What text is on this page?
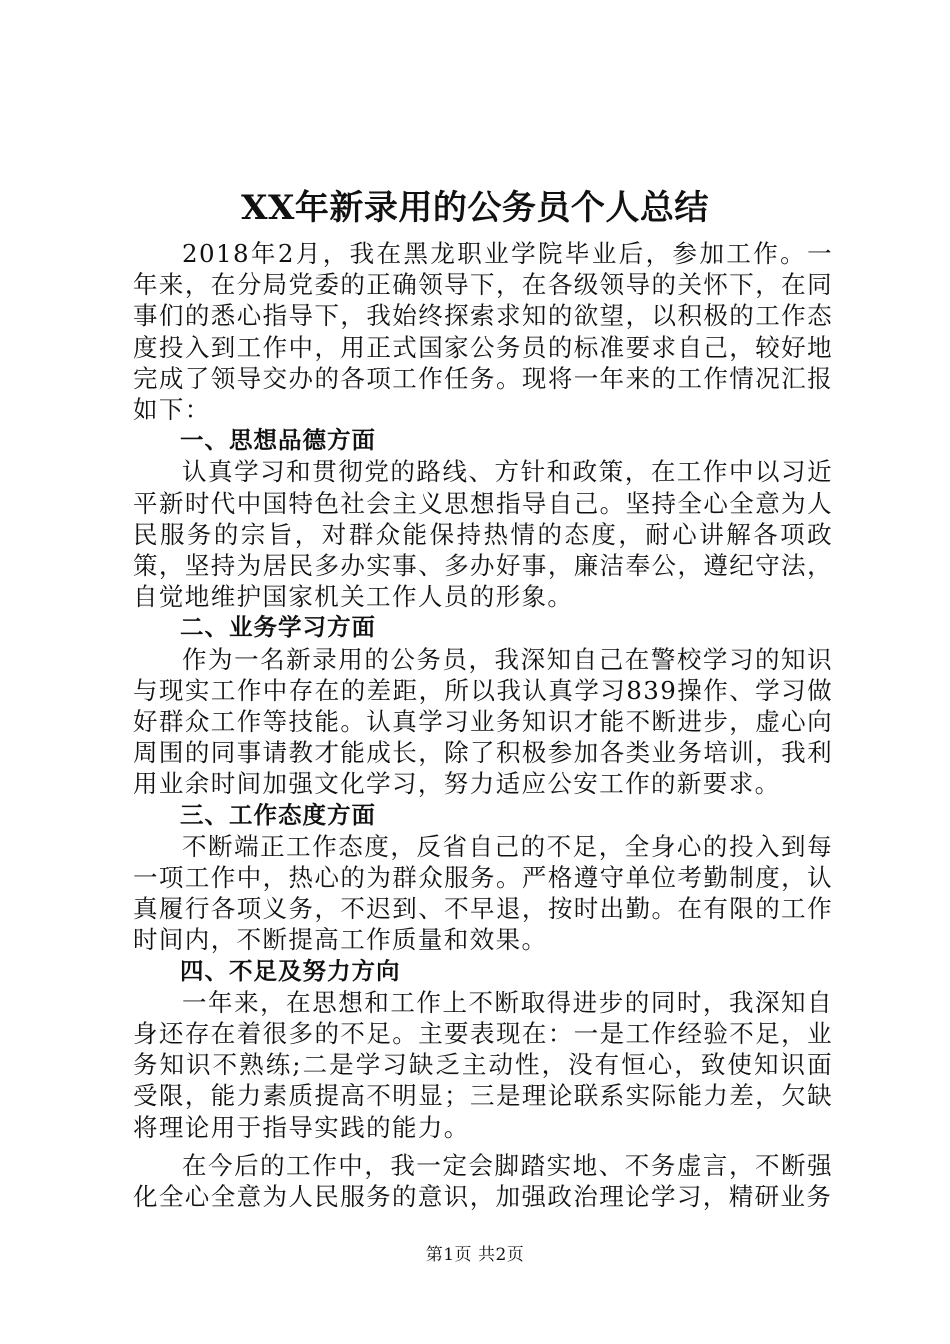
XX年新录用的公务员个人总结

2018年2月，我在黑龙职业学院毕业后，参加工作。一年来，在分局党委的正确领导下，在各级领导的关怀下，在同事们的悉心指导下，我始终探索求知的欲望，以积极的工作态度投入到工作中，用正式国家公务员的标准要求自己，较好地完成了领导交办的各项工作任务。现将一年来的工作情况汇报如下：

一、思想品德方面

认真学习和贯彻党的路线、方针和政策，在工作中以习近平新时代中国特色社会主义思想指导自己。坚持全心全意为人民服务的宗旨，对群众能保持热情的态度，耐心讲解各项政策，坚持为居民多办实事、多办好事，廉洁奉公，遵纪守法，自觉地维护国家机关工作人员的形象。

二、业务学习方面

作为一名新录用的公务员，我深知自己在警校学习的知识与现实工作中存在的差距，所以我认真学习839操作、学习做好群众工作等技能。认真学习业务知识才能不断进步，虚心向周围的同事请教才能成长，除了积极参加各类业务培训，我利用业余时间加强文化学习，努力适应公安工作的新要求。

三、工作态度方面

不断端正工作态度，反省自己的不足，全身心的投入到每一项工作中，热心的为群众服务。严格遵守单位考勤制度，认真履行各项义务，不迟到、不早退，按时出勤。在有限的工作时间内，不断提高工作质量和效果。

四、不足及努力方向

一年来，在思想和工作上不断取得进步的同时，我深知自身还存在着很多的不足。主要表现在：一是工作经验不足，业务知识不熟练;二是学习缺乏主动性，没有恒心，致使知识面受限，能力素质提高不明显；三是理论联系实际能力差，欠缺将理论用于指导实践的能力。

在今后的工作中，我一定会脚踏实地、不务虚言，不断强化全心全意为人民服务的意识，加强政治理论学习，精研业务

第1页 共2页
